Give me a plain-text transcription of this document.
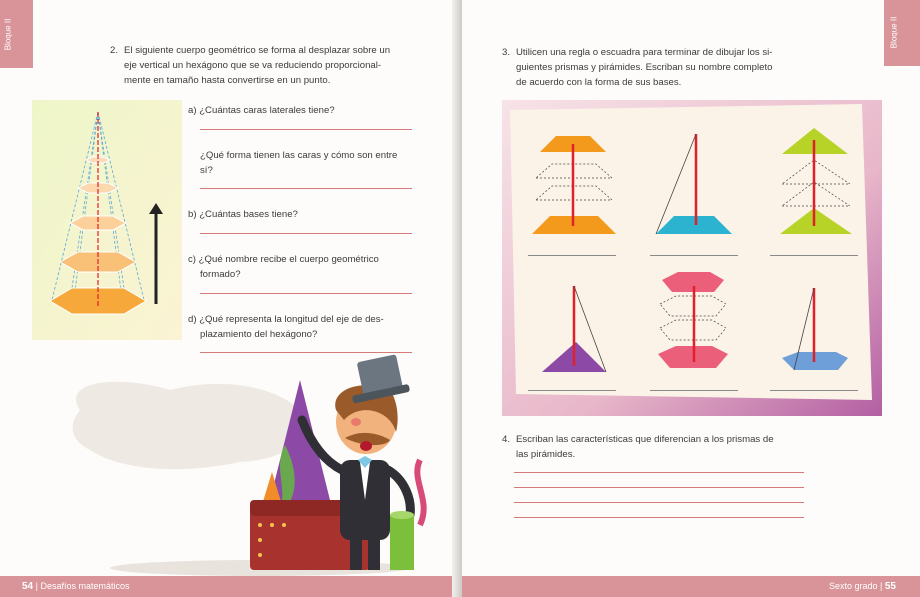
Bloque II
2. El siguiente cuerpo geométrico se forma al desplazar sobre un
eje vertical un hexágono que se va reduciendo proporcional-
mente en tamaño hasta convertirse en un punto.
a) ¿Cuántas caras laterales tiene?
¿Qué forma tienen las caras y cómo son entre
sí?
b) ¿Cuántas bases tiene?
c) ¿Qué nombre recibe el cuerpo geométrico
formado?
d) ¿Qué representa la longitud del eje de des-
plazamiento del hexágono?
54 | Desafíos matemáticos
Bloque II
3. Utilicen una regla o escuadra para terminar de dibujar los si-
guientes prismas y pirámides. Escriban su nombre completo
de acuerdo con la forma de sus bases.
4. Escriban las características que diferencian a los prismas de
las pirámides.
Sexto grado | 55
